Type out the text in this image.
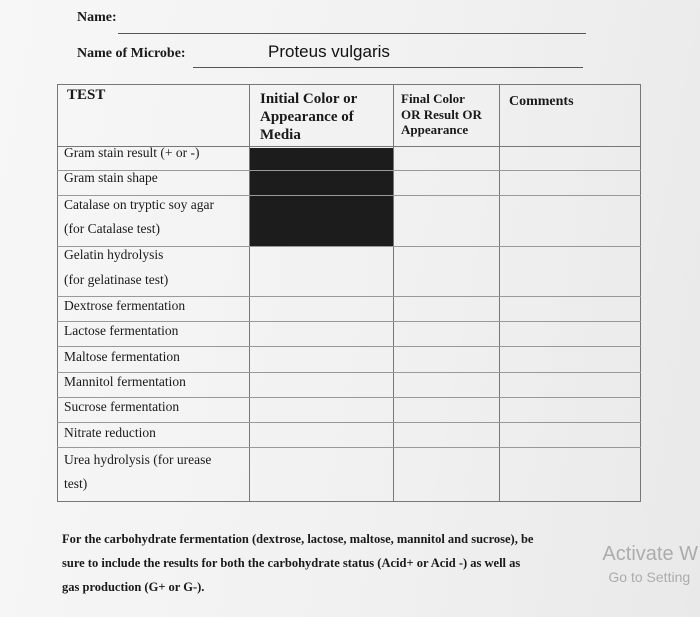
Name:
Name of Microbe:	Proteus vulgaris
TEST	Initial Color or
Appearance of
Media
Final Color
OR Result OR
Appearance
Comments
Gram stain result (+ or -)
Gram stain shape
Catalase on tryptic soy agar
(for Catalase test)
Gelatin hydrolysis
(for gelatinase test)
Dextrose fermentation
Lactose fermentation
Maltose fermentation
Mannitol fermentation
Sucrose fermentation
Nitrate reduction
Urea hydrolysis (for urease
test)
For the carbohydrate fermentation (dextrose, lactose, maltose, mannitol and sucrose), be
sure to include the results for both the carbohydrate status (Acid+ or Acid -) as well as
gas production (G+ or G-).
Activate W
Go to Setting
